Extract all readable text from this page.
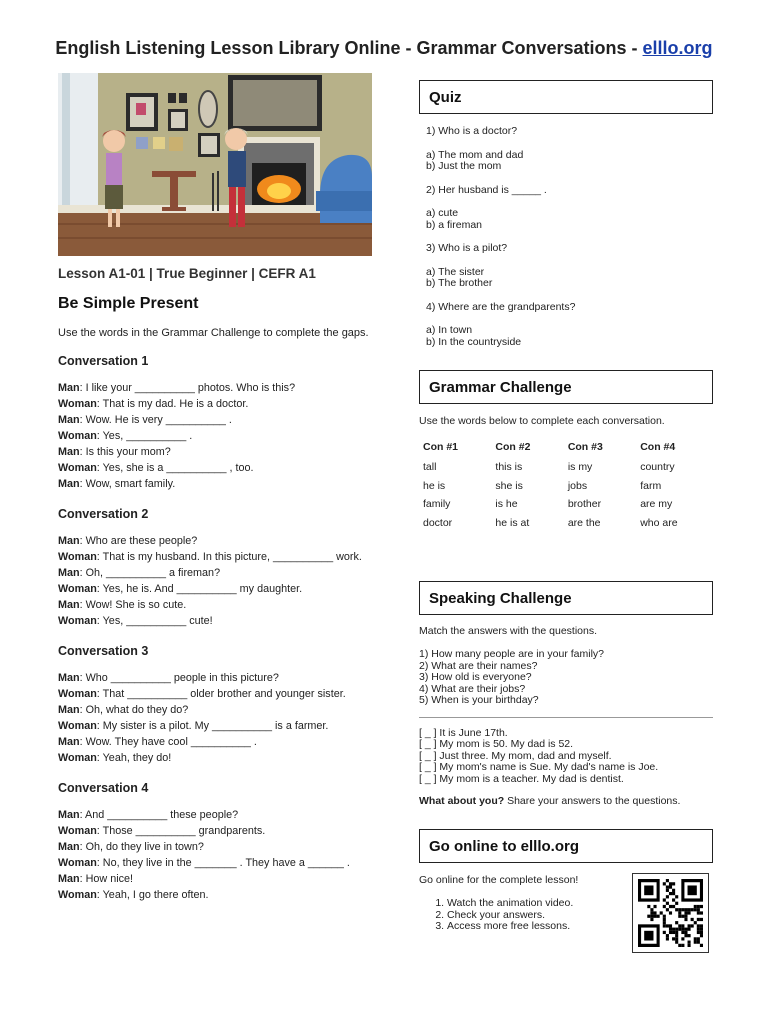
English Listening Lesson Library Online - Grammar Conversations - elllo.org
Lesson A1-01 | True Beginner | CEFR A1
Be Simple Present
Use the words in the Grammar Challenge to complete the gaps.
Conversation 1
Man: I like your __________ photos. Who is this?
Woman: That is my dad. He is a doctor.
Man: Wow. He is very __________ .
Woman: Yes, __________ .
Man: Is this your mom?
Woman: Yes, she is a __________ , too.
Man: Wow, smart family.
Conversation 2
Man: Who are these people?
Woman: That is my husband. In this picture, __________ work.
Man: Oh, __________ a fireman?
Woman: Yes, he is. And __________ my daughter.
Man: Wow! She is so cute.
Woman: Yes, __________ cute!
Conversation 3
Man: Who __________ people in this picture?
Woman: That __________ older brother and younger sister.
Man: Oh, what do they do?
Woman: My sister is a pilot. My __________ is a farmer.
Man: Wow. They have cool __________ .
Woman: Yeah, they do!
Conversation 4
Man: And __________ these people?
Woman: Those __________ grandparents.
Man: Oh, do they live in town?
Woman: No, they live in the _______ . They have a ______ .
Man: How nice!
Woman: Yeah, I go there often.
Quiz
1) Who is a doctor?
a) The mom and dad
b) Just the mom
2) Her husband is _____ .
a) cute
b) a fireman
3) Who is a pilot?
a) The sister
b) The brother
4) Where are the grandparents?
a) In town
b) In the countryside
Grammar Challenge
Use the words below to complete each conversation.
Con #1	Con #2	Con #3	Con #4
tall	this is	is my	country
he is	she is	jobs	farm
family	is he	brother	are my
doctor	he is at	are the	who are
Speaking Challenge
Match the answers with the questions.
1) How many people are in your family?
2) What are their names?
3) How old is everyone?
4) What are their jobs?
5) When is your birthday?
[ _ ] It is June 17th.
[ _ ] My mom is 50. My dad is 52.
[ _ ] Just three. My mom, dad and myself.
[ _ ] My mom's name is Sue. My dad's name is Joe.
[ _ ] My mom is a teacher. My dad is dentist.
What about you? Share your answers to the questions.
Go online to elllo.org
Go online for the complete lesson!
1. Watch the animation video.
2. Check your answers.
3. Access more free lessons.
